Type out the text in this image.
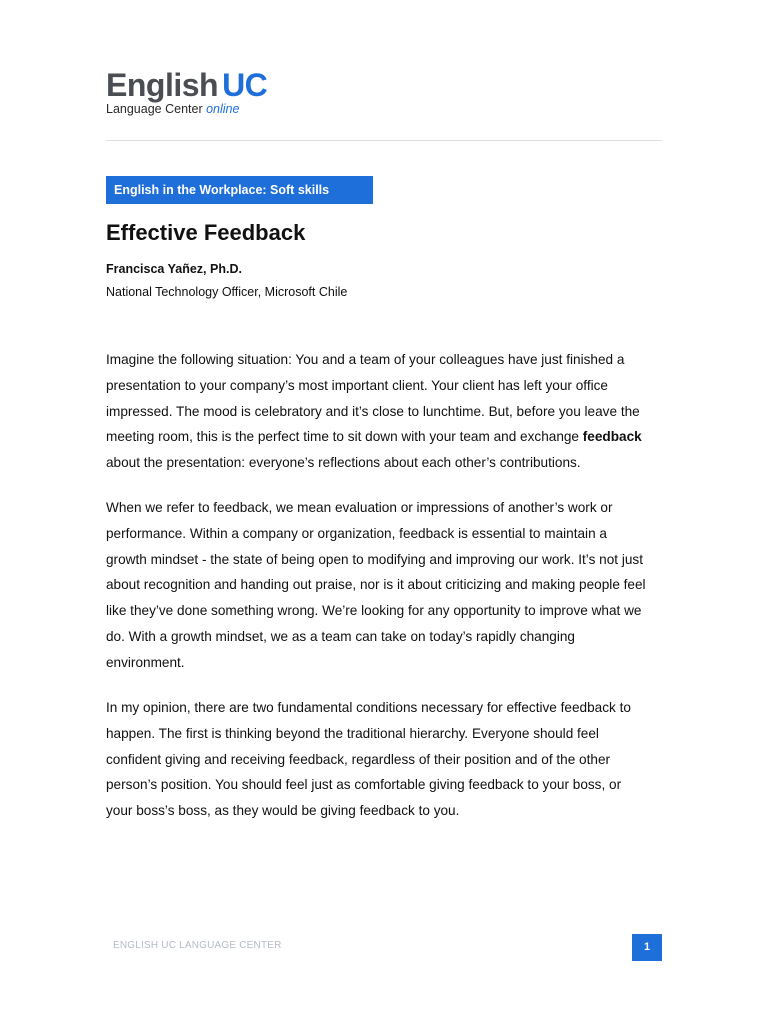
English UC
Language Center online
English in the Workplace: Soft skills
Effective Feedback
Francisca Yañez, Ph.D.
National Technology Officer, Microsoft Chile

Imagine the following situation: You and a team of your colleagues have just finished a
presentation to your company’s most important client. Your client has left your office
impressed. The mood is celebratory and it’s close to lunchtime. But, before you leave the
meeting room, this is the perfect time to sit down with your team and exchange feedback
about the presentation: everyone’s reflections about each other’s contributions.

When we refer to feedback, we mean evaluation or impressions of another’s work or
performance. Within a company or organization, feedback is essential to maintain a
growth mindset - the state of being open to modifying and improving our work. It’s not just
about recognition and handing out praise, nor is it about criticizing and making people feel
like they’ve done something wrong. We’re looking for any opportunity to improve what we
do. With a growth mindset, we as a team can take on today’s rapidly changing
environment.

In my opinion, there are two fundamental conditions necessary for effective feedback to
happen. The first is thinking beyond the traditional hierarchy. Everyone should feel
confident giving and receiving feedback, regardless of their position and of the other
person’s position. You should feel just as comfortable giving feedback to your boss, or
your boss’s boss, as they would be giving feedback to you.

ENGLISH UC LANGUAGE CENTER	1
